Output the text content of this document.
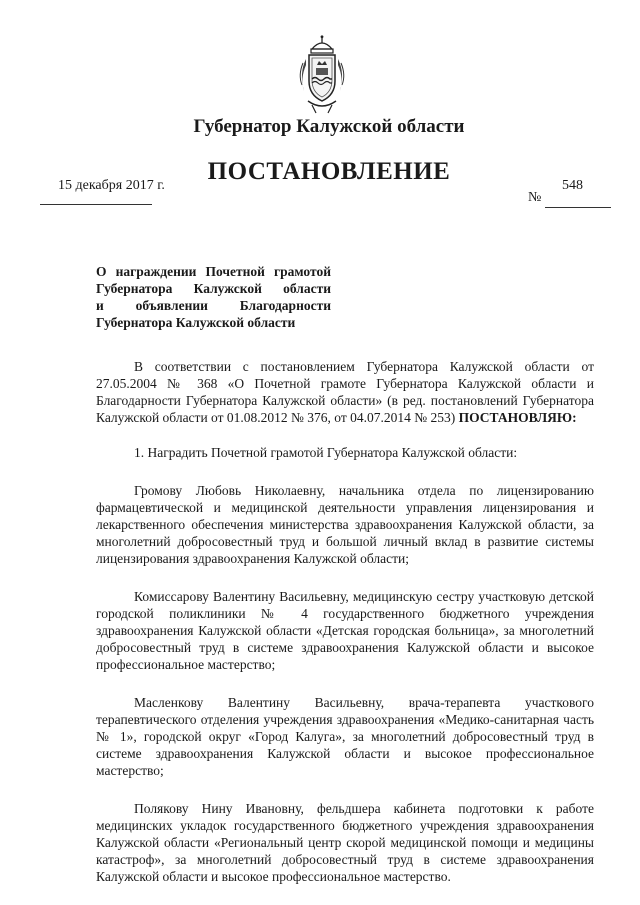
Губернатор Калужской области
ПОСТАНОВЛЕНИЕ
15 декабря 2017 г.	548
№
О награждении Почетной грамотой
Губернатора Калужской области
и объявлении Благодарности
Губернатора Калужской области

В соответствии с постановлением Губернатора Калужской области от 27.05.2004 № 368 «О Почетной грамоте Губернатора Калужской области и Благодарности Губернатора Калужской области» (в ред. постановлений Губернатора Калужской области от 01.08.2012 № 376, от 04.07.2014 № 253) ПОСТАНОВЛЯЮ:

1. Наградить Почетной грамотой Губернатора Калужской области:

Громову Любовь Николаевну, начальника отдела по лицензированию фармацевтической и медицинской деятельности управления лицензирования и лекарственного обеспечения министерства здравоохранения Калужской области, за многолетний добросовестный труд и большой личный вклад в развитие системы лицензирования здравоохранения Калужской области;

Комиссарову Валентину Васильевну, медицинскую сестру участковую детской городской поликлиники № 4 государственного бюджетного учреждения здравоохранения Калужской области «Детская городская больница», за многолетний добросовестный труд в системе здравоохранения Калужской области и высокое профессиональное мастерство;

Масленкову Валентину Васильевну, врача-терапевта участкового терапевтического отделения учреждения здравоохранения «Медико-санитарная часть № 1», городской округ «Город Калуга», за многолетний добросовестный труд в системе здравоохранения Калужской области и высокое профессиональное мастерство;

Полякову Нину Ивановну, фельдшера кабинета подготовки к работе медицинских укладок государственного бюджетного учреждения здравоохранения Калужской области «Региональный центр скорой медицинской помощи и медицины катастроф», за многолетний добросовестный труд в системе здравоохранения Калужской области и высокое профессиональное мастерство.
